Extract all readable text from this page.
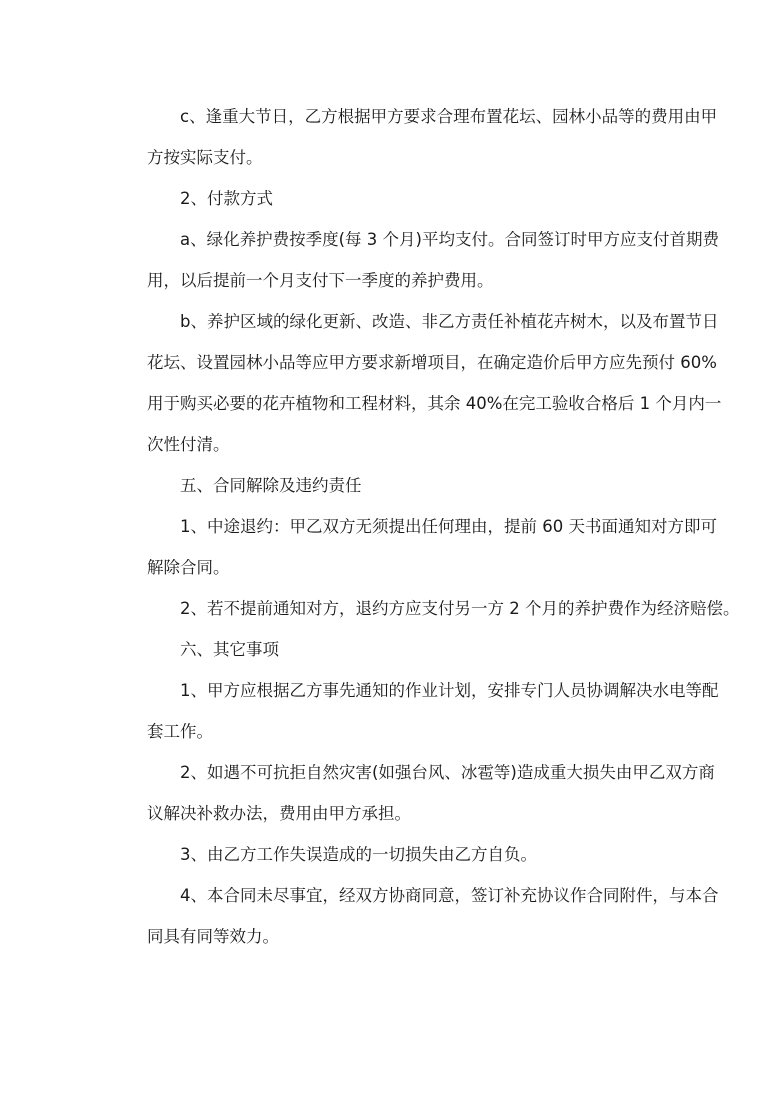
c、逢重大节日，乙方根据甲方要求合理布置花坛、园林小品等的费用由甲
方按实际支付。
2、付款方式
a、绿化养护费按季度(每 3 个月)平均支付。合同签订时甲方应支付首期费
用，以后提前一个月支付下一季度的养护费用。
b、养护区域的绿化更新、改造、非乙方责任补植花卉树木，以及布置节日
花坛、设置园林小品等应甲方要求新增项目，在确定造价后甲方应先预付 60%
用于购买必要的花卉植物和工程材料，其余 40%在完工验收合格后 1 个月内一
次性付清。
五、合同解除及违约责任
1、中途退约：甲乙双方无须提出任何理由，提前 60 天书面通知对方即可
解除合同。
2、若不提前通知对方，退约方应支付另一方 2 个月的养护费作为经济赔偿。
六、其它事项
1、甲方应根据乙方事先通知的作业计划，安排专门人员协调解决水电等配
套工作。
2、如遇不可抗拒自然灾害(如强台风、冰雹等)造成重大损失由甲乙双方商
议解决补救办法，费用由甲方承担。
3、由乙方工作失误造成的一切损失由乙方自负。
4、本合同未尽事宜，经双方协商同意，签订补充协议作合同附件，与本合
同具有同等效力。
